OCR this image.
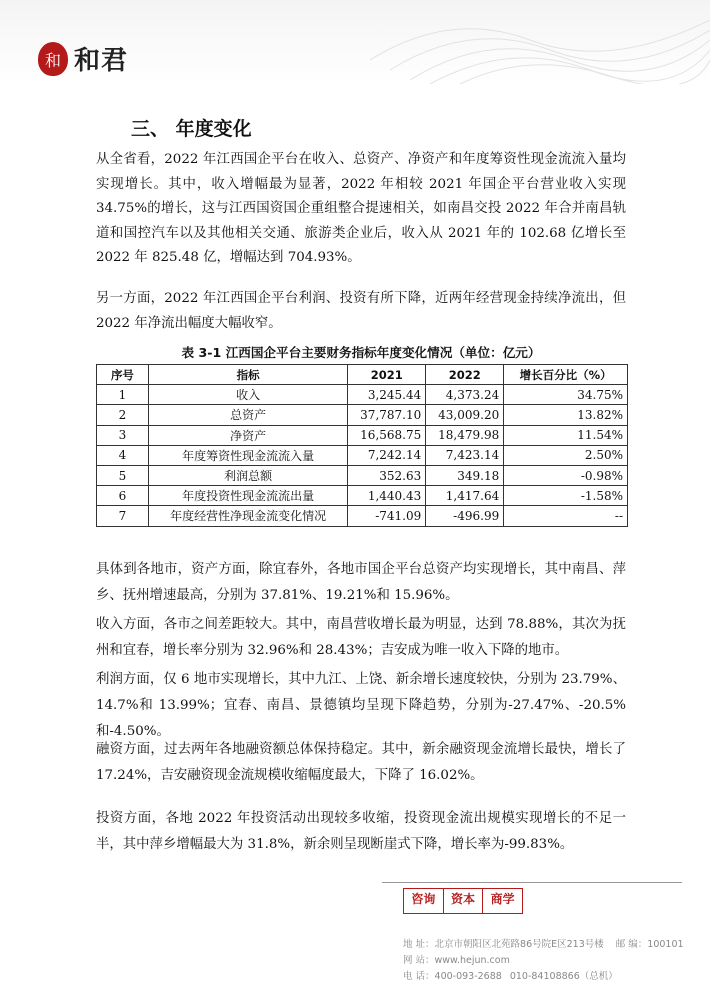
和 和君
三、 年度变化

从全省看，2022 年江西国企平台在收入、总资产、净资产和年度筹资性现金流流入量均实现增长。其中，收入增幅最为显著，2022 年相较 2021 年国企平台营业收入实现 34.75%的增长，这与江西国资国企重组整合提速相关，如南昌交投 2022 年合并南昌轨道和国控汽车以及其他相关交通、旅游类企业后，收入从 2021 年的 102.68 亿增长至 2022 年 825.48 亿，增幅达到 704.93%。

另一方面，2022 年江西国企平台利润、投资有所下降，近两年经营现金持续净流出，但 2022 年净流出幅度大幅收窄。

表 3-1 江西国企平台主要财务指标年度变化情况（单位：亿元）
序号	指标	2021	2022	增长百分比（%）
1	收入	3,245.44	4,373.24	34.75%
2	总资产	37,787.10	43,009.20	13.82%
3	净资产	16,568.75	18,479.98	11.54%
4	年度筹资性现金流流入量	7,242.14	7,423.14	2.50%
5	利润总额	352.63	349.18	-0.98%
6	年度投资性现金流流出量	1,440.43	1,417.64	-1.58%
7	年度经营性净现金流变化情况	-741.09	-496.99	--

具体到各地市，资产方面，除宜春外，各地市国企平台总资产均实现增长，其中南昌、萍乡、抚州增速最高，分别为 37.81%、19.21%和 15.96%。

收入方面，各市之间差距较大。其中，南昌营收增长最为明显，达到 78.88%，其次为抚州和宜春，增长率分别为 32.96%和 28.43%；吉安成为唯一收入下降的地市。

利润方面，仅 6 地市实现增长，其中九江、上饶、新余增长速度较快，分别为 23.79%、14.7%和 13.99%；宜春、南昌、景德镇均呈现下降趋势，分别为-27.47%、-20.5%和-4.50%。

融资方面，过去两年各地融资额总体保持稳定。其中，新余融资现金流增长最快，增长了 17.24%，吉安融资现金流规模收缩幅度最大，下降了 16.02%。

投资方面，各地 2022 年投资活动出现较多收缩，投资现金流出规模实现增长的不足一半，其中萍乡增幅最大为 31.8%，新余则呈现断崖式下降，增长率为-99.83%。

咨询	资本	商学
地 址：北京市朝阳区北苑路86号院E区213号楼 邮 编：100101
网 站：www.hejun.com
电 话：400-093-2688 010-84108866（总机）
